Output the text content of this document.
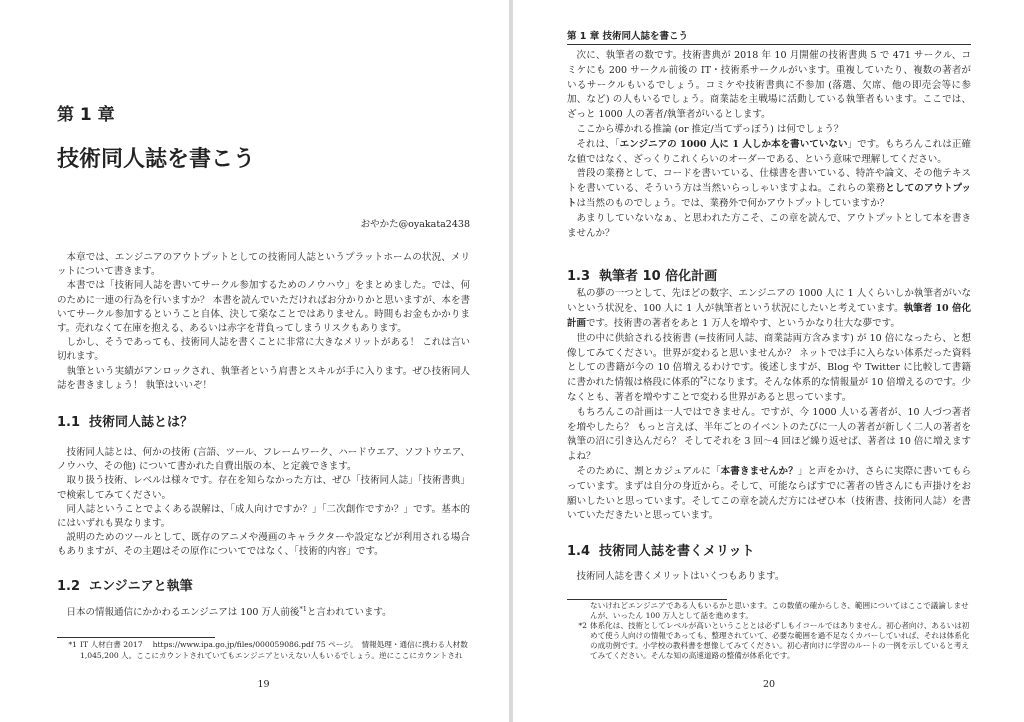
第 1 章
技術同人誌を書こう
おやかた@oyakata2438

本章では、エンジニアのアウトプットとしての技術同人誌というプラットホームの状況、メリットについて書きます。

本書では「技術同人誌を書いてサークル参加するためのノウハウ」をまとめました。では、何のために一連の行為を行いますか？ 本書を読んでいただければお分かりかと思いますが、本を書いてサークル参加するということ自体、決して楽なことではありません。時間もお金もかかります。売れなくて在庫を抱える、あるいは赤字を背負ってしまうリスクもあります。

しかし、そうであっても、技術同人誌を書くことに非常に大きなメリットがある！ これは言い切れます。

執筆という実績がアンロックされ、執筆者という肩書とスキルが手に入ります。ぜひ技術同人誌を書きましょう！ 執筆はいいぞ！

1.1 技術同人誌とは？

技術同人誌とは、何かの技術 (言語、ツール、フレームワーク、ハードウエア、ソフトウエア、ノウハウ、その他) について書かれた自費出版の本、と定義できます。

取り扱う技術、レベルは様々です。存在を知らなかった方は、ぜひ「技術同人誌」「技術書典」で検索してみてください。

同人誌ということでよくある誤解は、「成人向けですか？」「二次創作ですか？」です。基本的にはいずれも異なります。

説明のためのツールとして、既存のアニメや漫画のキャラクターや設定などが利用される場合もありますが、その主題はその原作についてではなく、「技術的内容」です。

1.2 エンジニアと執筆

日本の情報通信にかかわるエンジニアは 100 万人前後$^{*1}$と言われています。

*1 IT 人材白書 2017　 https://www.ipa.go.jp/files/000059086.pdf 75 ページ。　情報処理・通信に携わる人材数 1,045,200 人。ここにカウントされていてもエンジニアといえない人もいるでしょう。逆にここにカウントされ
19
第 1 章 技術同人誌を書こう

次に、執筆者の数です。技術書典が 2018 年 10 月開催の技術書典 5 で 471 サークル、コミケにも 200 サークル前後の IT・技術系サークルがいます。重複していたり、複数の著者がいるサークルもいるでしょう。コミケや技術書典に不参加 (落選、欠席、他の即売会等に参加、など) の人もいるでしょう。商業誌を主戦場に活動している執筆者もいます。ここでは、ざっと 1000 人の著者/執筆者がいるとします。

ここから導かれる推論 (or 推定/当てずっぽう) は何でしょう？

それは、「エンジニアの 1000 人に 1 人しか本を書いていない」です。もちろんこれは正確な値ではなく、ざっくりこれくらいのオーダーである、という意味で理解してください。

普段の業務として、コードを書いている、仕様書を書いている、特許や論文、その他テキストを書いている、そういう方は当然いらっしゃいますよね。これらの業務としてのアウトプットは当然のものでしょう。では、業務外で何かアウトプットしていますか？

あまりしていないなぁ、と思われた方こそ、この章を読んで、アウトプットとして本を書きませんか？

1.3 執筆者 10 倍化計画

私の夢の一つとして、先ほどの数字、エンジニアの 1000 人に 1 人くらいしか執筆者がいないという状況を、100 人に 1 人が執筆者という状況にしたいと考えています。執筆者 10 倍化計画です。技術書の著者をあと 1 万人を増やす、というかなり壮大な夢です。

世の中に供給される技術書 (=技術同人誌、商業誌両方含みます) が 10 倍になったら、と想像してみてください。世界が変わると思いませんか？ ネットでは手に入らない体系だった資料としての書籍が今の 10 倍増えるわけです。後述しますが、Blog や Twitter に比較して書籍に書かれた情報は格段に体系的$^{*2}$になります。そんな体系的な情報量が 10 倍増えるのです。少なくとも、著者を増やすことで変わる世界があると思っています。

もちろんこの計画は一人ではできません。ですが、今 1000 人いる著者が、10 人づつ著者を増やしたら？ もっと言えば、半年ごとのイベントのたびに一人の著者が新しく二人の著者を執筆の沼に引き込んだら？ そしてそれを 3 回〜4 回ほど繰り返せば、著者は 10 倍に増えますよね？

そのために、割とカジュアルに「本書きませんか？」と声をかけ、さらに実際に書いてもらっています。まずは自分の身近から。そして、可能ならばすでに著者の皆さんにも声掛けをお願いしたいと思っています。そしてこの章を読んだ方にはぜひ本（技術書、技術同人誌）を書いていただきたいと思っています。

1.4 技術同人誌を書くメリット

技術同人誌を書くメリットはいくつもあります。

ないけれどエンジニアである人もいるかと思います。この数値の確からしさ、範囲についてはここで議論しませんが、いったん 100 万人として話を進めます。
*2 体系化は、技術としてレベルが高いということとは必ずしもイコールではありません。初心者向け、あるいは初めて使う人向けの情報であっても、整理されていて、必要な範囲を過不足なくカバーしていれば、それは体系化の成功例です。小学校の教科書を想像してみてください。初心者向けに学習のルートの一例を示していると考えてみてください。そんな知の高速道路の整備が体系化です。
20
